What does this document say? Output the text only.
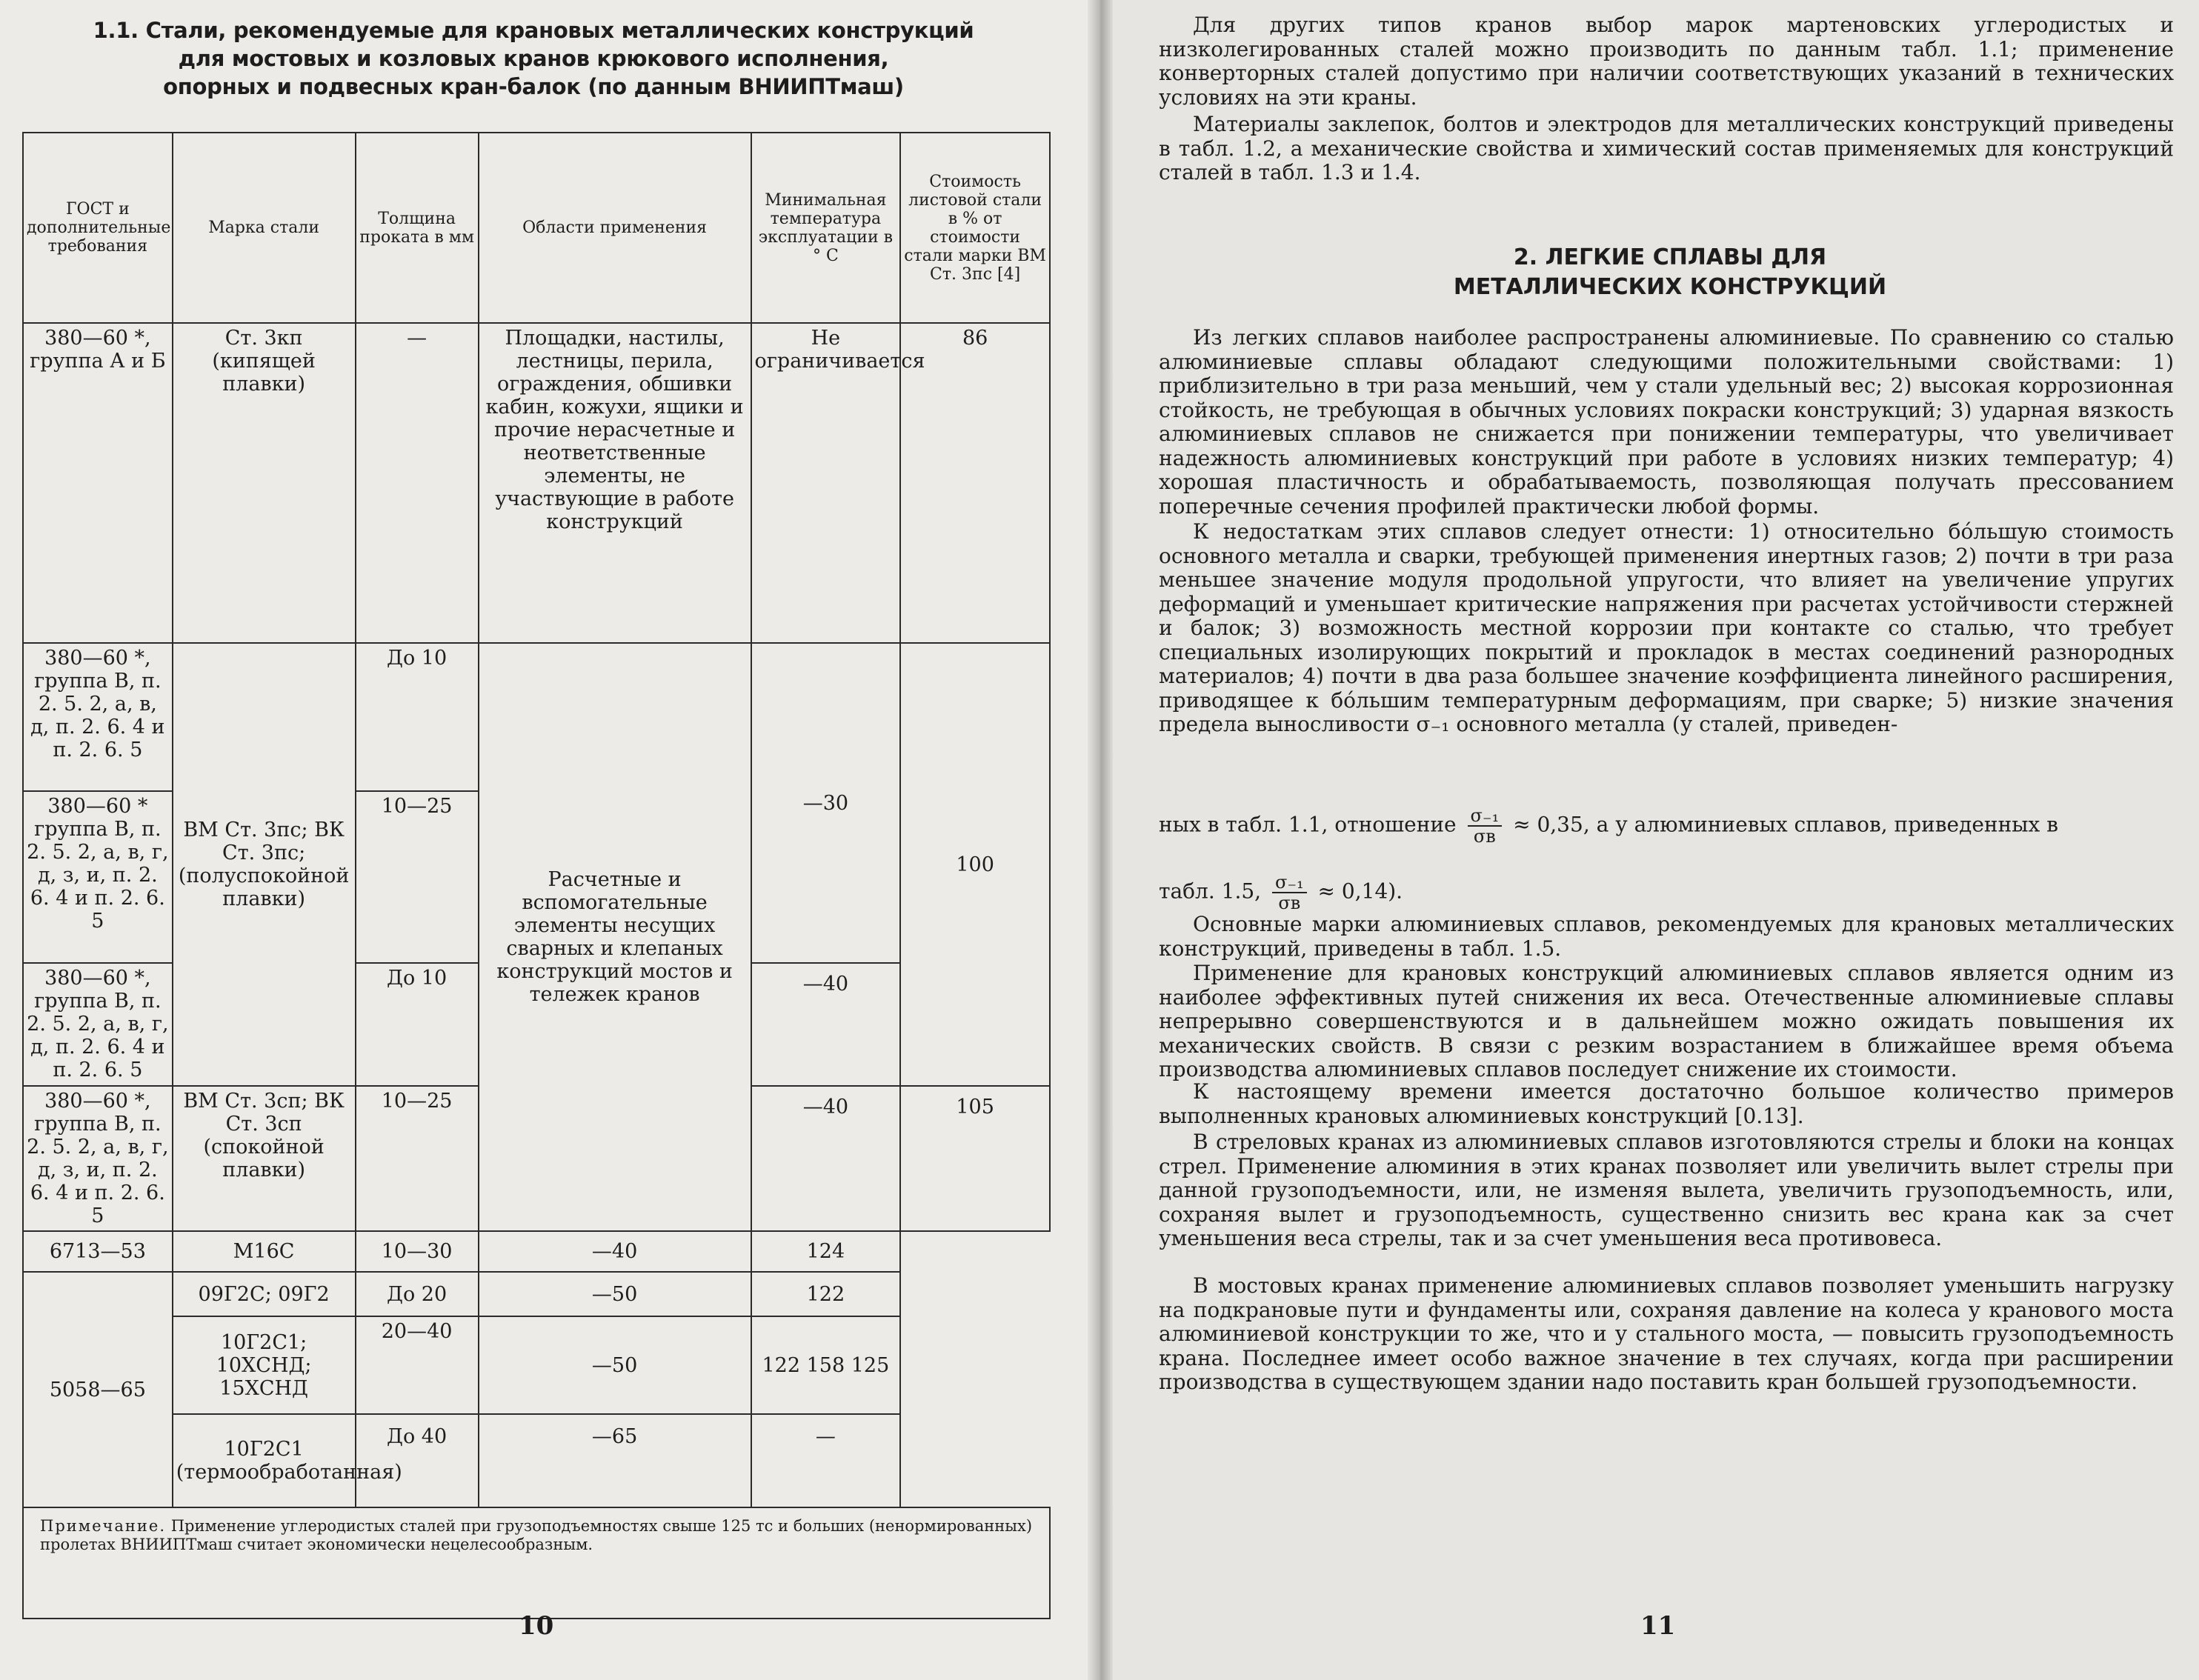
1.1. Стали, рекомендуемые для крановых металлических конструкций
для мостовых и козловых кранов крюкового исполнения,
опорных и подвесных кран-балок (по данным ВНИИПТмаш)
ГОСТ и дополнительные требования	Марка стали	Толщина проката в мм	Области применения	Минимальная температура эксплуатации в ° С	Стоимость листовой стали в % от стоимости стали марки ВМ Ст. 3пс [4]
380—60 *, группа А и Б	Ст. 3кп (кипящей плавки)	—	Площадки, настилы, лестницы, перила, ограждения, обшивки кабин, кожухи, ящики и прочие нерасчетные и неответственные элементы, не участвующие в работе конструкций	Не ограничивается	86
380—60 *, группа В, п. 2. 5. 2, а, в, д, п. 2. 6. 4 и п. 2. 6. 5	ВМ Ст. 3пс; ВК Ст. 3пс; (полуспокойной плавки)	До 10	Расчетные и вспомогательные элементы несущих сварных и клепаных конструкций мостов и тележек кранов	—30	100
380—60 * группа В, п. 2. 5. 2, а, в, г, д, з, и, п. 2. 6. 4 и п. 2. 6. 5		10—25			
380—60 *, группа В, п. 2. 5. 2, а, в, г, д, п. 2. 6. 4 и п. 2. 6. 5		До 10		—40	
380—60 *, группа В, п. 2. 5. 2, а, в, г, д, з, и, п. 2. 6. 4 и п. 2. 6. 5	ВМ Ст. 3сп; ВК Ст. 3сп (спокойной плавки)	10—25		—40	105
6713—53	М16С	10—30	—40	124	
5058—65	09Г2С; 09Г2	До 20	—50	122	
	10Г2С1; 10ХСНД; 15ХСНД	20—40	—50	122 158 125	
	10Г2С1 (термообработанная)	До 40	—65	—	
Примечание. Применение углеродистых сталей при грузоподъемностях свыше 125 тс и больших (ненормированных) пролетах ВНИИПТмаш считает экономически нецелесообразным.					
10

Для других типов кранов выбор марок мартеновских углеродистых и низколегированных сталей можно производить по данным табл. 1.1; применение конверторных сталей допустимо при наличии соответствующих указаний в технических условиях на эти краны.

Материалы заклепок, болтов и электродов для металлических конструкций приведены в табл. 1.2, а механические свойства и химический состав применяемых для конструкций сталей в табл. 1.3 и 1.4.

2. ЛЕГКИЕ СПЛАВЫ ДЛЯ МЕТАЛЛИЧЕСКИХ КОНСТРУКЦИЙ

Из легких сплавов наиболее распространены алюминиевые. По сравнению со сталью алюминиевые сплавы обладают следующими положительными свойствами: 1) приблизительно в три раза меньший, чем у стали удельный вес; 2) высокая коррозионная стойкость, не требующая в обычных условиях покраски конструкций; 3) ударная вязкость алюминиевых сплавов не снижается при понижении температуры, что увеличивает надежность алюминиевых конструкций при работе в условиях низких температур; 4) хорошая пластичность и обрабатываемость, позволяющая получать прессованием поперечные сечения профилей практически любой формы.

К недостаткам этих сплавов следует отнести: 1) относительно бóльшую стоимость основного металла и сварки, требующей применения инертных газов; 2) почти в три раза меньшее значение модуля продольной упругости, что влияет на увеличение упругих деформаций и уменьшает критические напряжения при расчетах устойчивости стержней и балок; 3) возможность местной коррозии при контакте со сталью, что требует специальных изолирующих покрытий и прокладок в местах соединений разнородных материалов; 4) почти в два раза большее значение коэффициента линейного расширения, приводящее к бóльшим температурным деформациям, при сварке; 5) низкие значения предела выносливости σ₋₁ основного металла (у сталей, приведен-

ных в табл. 1.1, отношение $\frac{\text{σ₋₁}}{\sigma в} \approx 0,35$, а у алюминиевых сплавов, приведенных в
табл. 1.5, $\frac{\text{σ₋₁}}{\sigma в} \approx 0,14$).

Основные марки алюминиевых сплавов, рекомендуемых для крановых металлических конструкций, приведены в табл. 1.5.

Применение для крановых конструкций алюминиевых сплавов является одним из наиболее эффективных путей снижения их веса. Отечественные алюминиевые сплавы непрерывно совершенствуются и в дальнейшем можно ожидать повышения их механических свойств. В связи с резким возрастанием в ближайшее время объема производства алюминиевых сплавов последует снижение их стоимости.

К настоящему времени имеется достаточно большое количество примеров выполненных крановых алюминиевых конструкций [0.13].

В стреловых кранах из алюминиевых сплавов изготовляются стрелы и блоки на концах стрел. Применение алюминия в этих кранах позволяет или увеличить вылет стрелы при данной грузоподъемности, или, не изменяя вылета, увеличить грузоподъемность, или, сохраняя вылет и грузоподъемность, существенно снизить вес крана как за счет уменьшения веса стрелы, так и за счет уменьшения веса противовеса.

В мостовых кранах применение алюминиевых сплавов позволяет уменьшить нагрузку на подкрановые пути и фундаменты или, сохраняя давление на колеса у кранового моста алюминиевой конструкции то же, что и у стального моста, — повысить грузоподъемность крана. Последнее имеет особо важное значение в тех случаях, когда при расширении производства в существующем здании надо поставить кран большей грузоподъемности.

11
